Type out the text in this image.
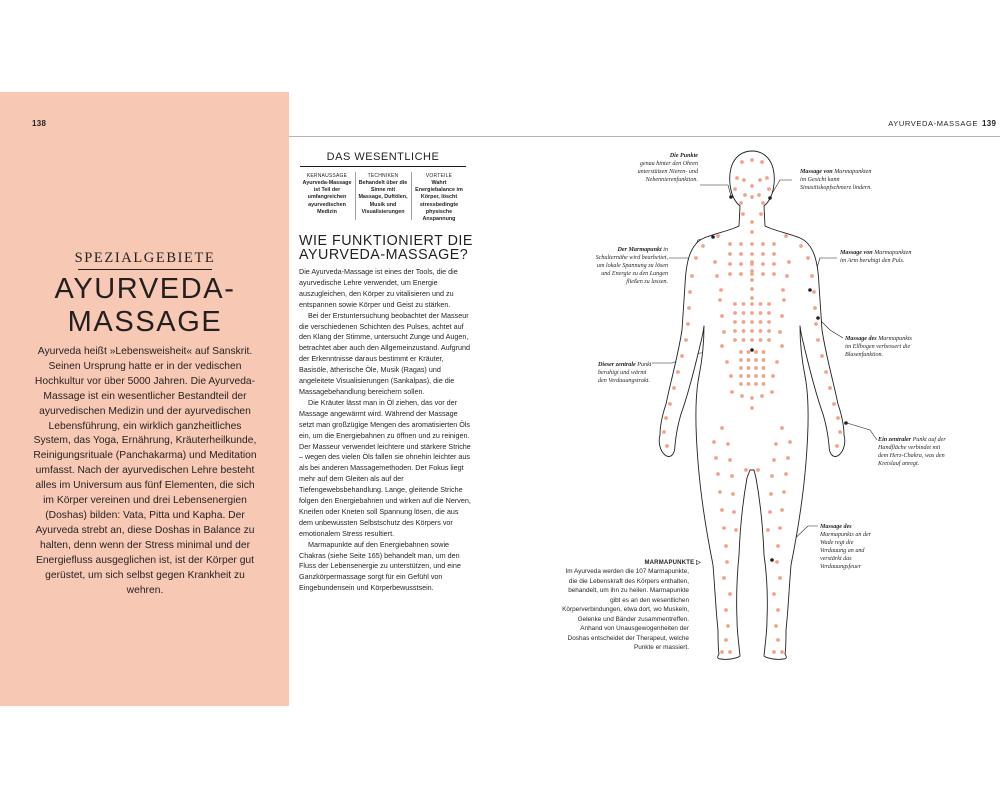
138
SPEZIALGEBIETE
AYURVEDA-
MASSAGE
Ayurveda heißt »Lebensweisheit« auf Sanskrit. Seinen Ursprung hatte er in der vedischen Hochkultur vor über 5000 Jahren. Die Ayurveda-Massage ist ein wesentlicher Bestandteil der ayurvedischen Medizin und der ayurvedischen Lebensführung, ein wirklich ganzheitliches System, das Yoga, Ernährung, Kräuterheilkunde, Reinigungsrituale (Panchakarma) und Meditation umfasst. Nach der ayurvedischen Lehre besteht alles im Universum aus fünf Elementen, die sich im Körper vereinen und drei Lebensenergien (Doshas) bilden: Vata, Pitta und Kapha. Der Ayurveda strebt an, diese Doshas in Balance zu halten, denn wenn der Stress minimal und der Energiefluss ausgeglichen ist, ist der Körper gut gerüstet, um sich selbst gegen Krankheit zu wehren.
AYURVEDA-MASSAGE 139
DAS WESENTLICHE
KERNAUSSAGE	TECHNIKEN	VORTEILE
Ayurveda-Massage ist Teil der umfangreichen ayurvedischen Medizin
Behandelt über die Sinne mit Massage, Duftölen, Musik und Visualisierungen
Wahrt Energiebalance im Körper, löscht stressbedingte physische Anspannung
WIE FUNKTIONIERT DIE
AYURVEDA-MASSAGE?

Die Ayurveda-Massage ist eines der Tools, die die ayurvedische Lehre verwendet, um Energie auszugleichen, den Körper zu vitalisieren und zu entspannen sowie Körper und Geist zu stärken.

Bei der Erstuntersuchung beobachtet der Masseur die verschiedenen Schichten des Pulses, achtet auf den Klang der Stimme, untersucht Zunge und Augen, betrachtet aber auch den Allgemeinzustand. Aufgrund der Erkenntnisse daraus bestimmt er Kräuter, Basisöle, ätherische Öle, Musik (Ragas) und angeleitete Visualisierungen (Sankalpas), die die Massagebehandlung bereichern sollen.

Die Kräuter lässt man in Öl ziehen, das vor der Massage angewärmt wird. Während der Massage setzt man großzügige Mengen des aromatisierten Öls ein, um die Energiebahnen zu öffnen und zu reinigen. Der Masseur verwendet leichtere und stärkere Striche – wegen des vielen Öls fallen sie ohnehin leichter aus als bei anderen Massagemethoden. Der Fokus liegt mehr auf dem Gleiten als auf der Tiefengewebsbehandlung. Lange, gleitende Striche folgen den Energiebahnen und wirken auf die Nerven, Kneifen oder Kneten soll Spannung lösen, die aus dem unbewussten Selbstschutz des Körpers vor emotionalem Stress resultiert.

Marmapunkte auf den Energiebahnen sowie Chakras (siehe Seite 165) behandelt man, um den Fluss der Lebensenergie zu unterstützen, und eine Ganzkörpermassage sorgt für ein Gefühl von Eingebundensein und Körperbewusstsein.

Die Punkte
genau hinter den Ohren unterstützen Nieren- und Nebennierenfunktion.
Massage von Marmapunkten im Gesicht kann Sinusitiskopfschmerz lindern.
Der Marmapunkt in Schulternähe wird bearbeitet, um lokale Spannung zu lösen und Energie zu den Lungen fließen zu lassen.
Massage von Marmapunkten im Arm beruhigt den Puls.
Massage des Marmapunkts im Ellbogen verbessert die Blasenfunktion.
Dieser zentrale Punkt beruhigt und wärmt den Verdauungstrakt.
Ein zentraler Punkt auf der Handfläche verbindet mit dem Herz-Chakra, was den Kreislauf anregt.
Massage des Marmapunkts an der Wade regt die Verdauung an und verstärkt das Verdauungsfeuer
MARMAPUNKTE ▷
Im Ayurveda werden die 107 Marmapunkte, die die Lebenskraft des Körpers enthalten, behandelt, um ihn zu heilen. Marmapunkte gibt es an den wesentlichen Körperverbindungen, etwa dort, wo Muskeln, Gelenke und Bänder zusammentreffen. Anhand von Unausgewogenheiten der Doshas entscheidet der Therapeut, welche Punkte er massiert.
